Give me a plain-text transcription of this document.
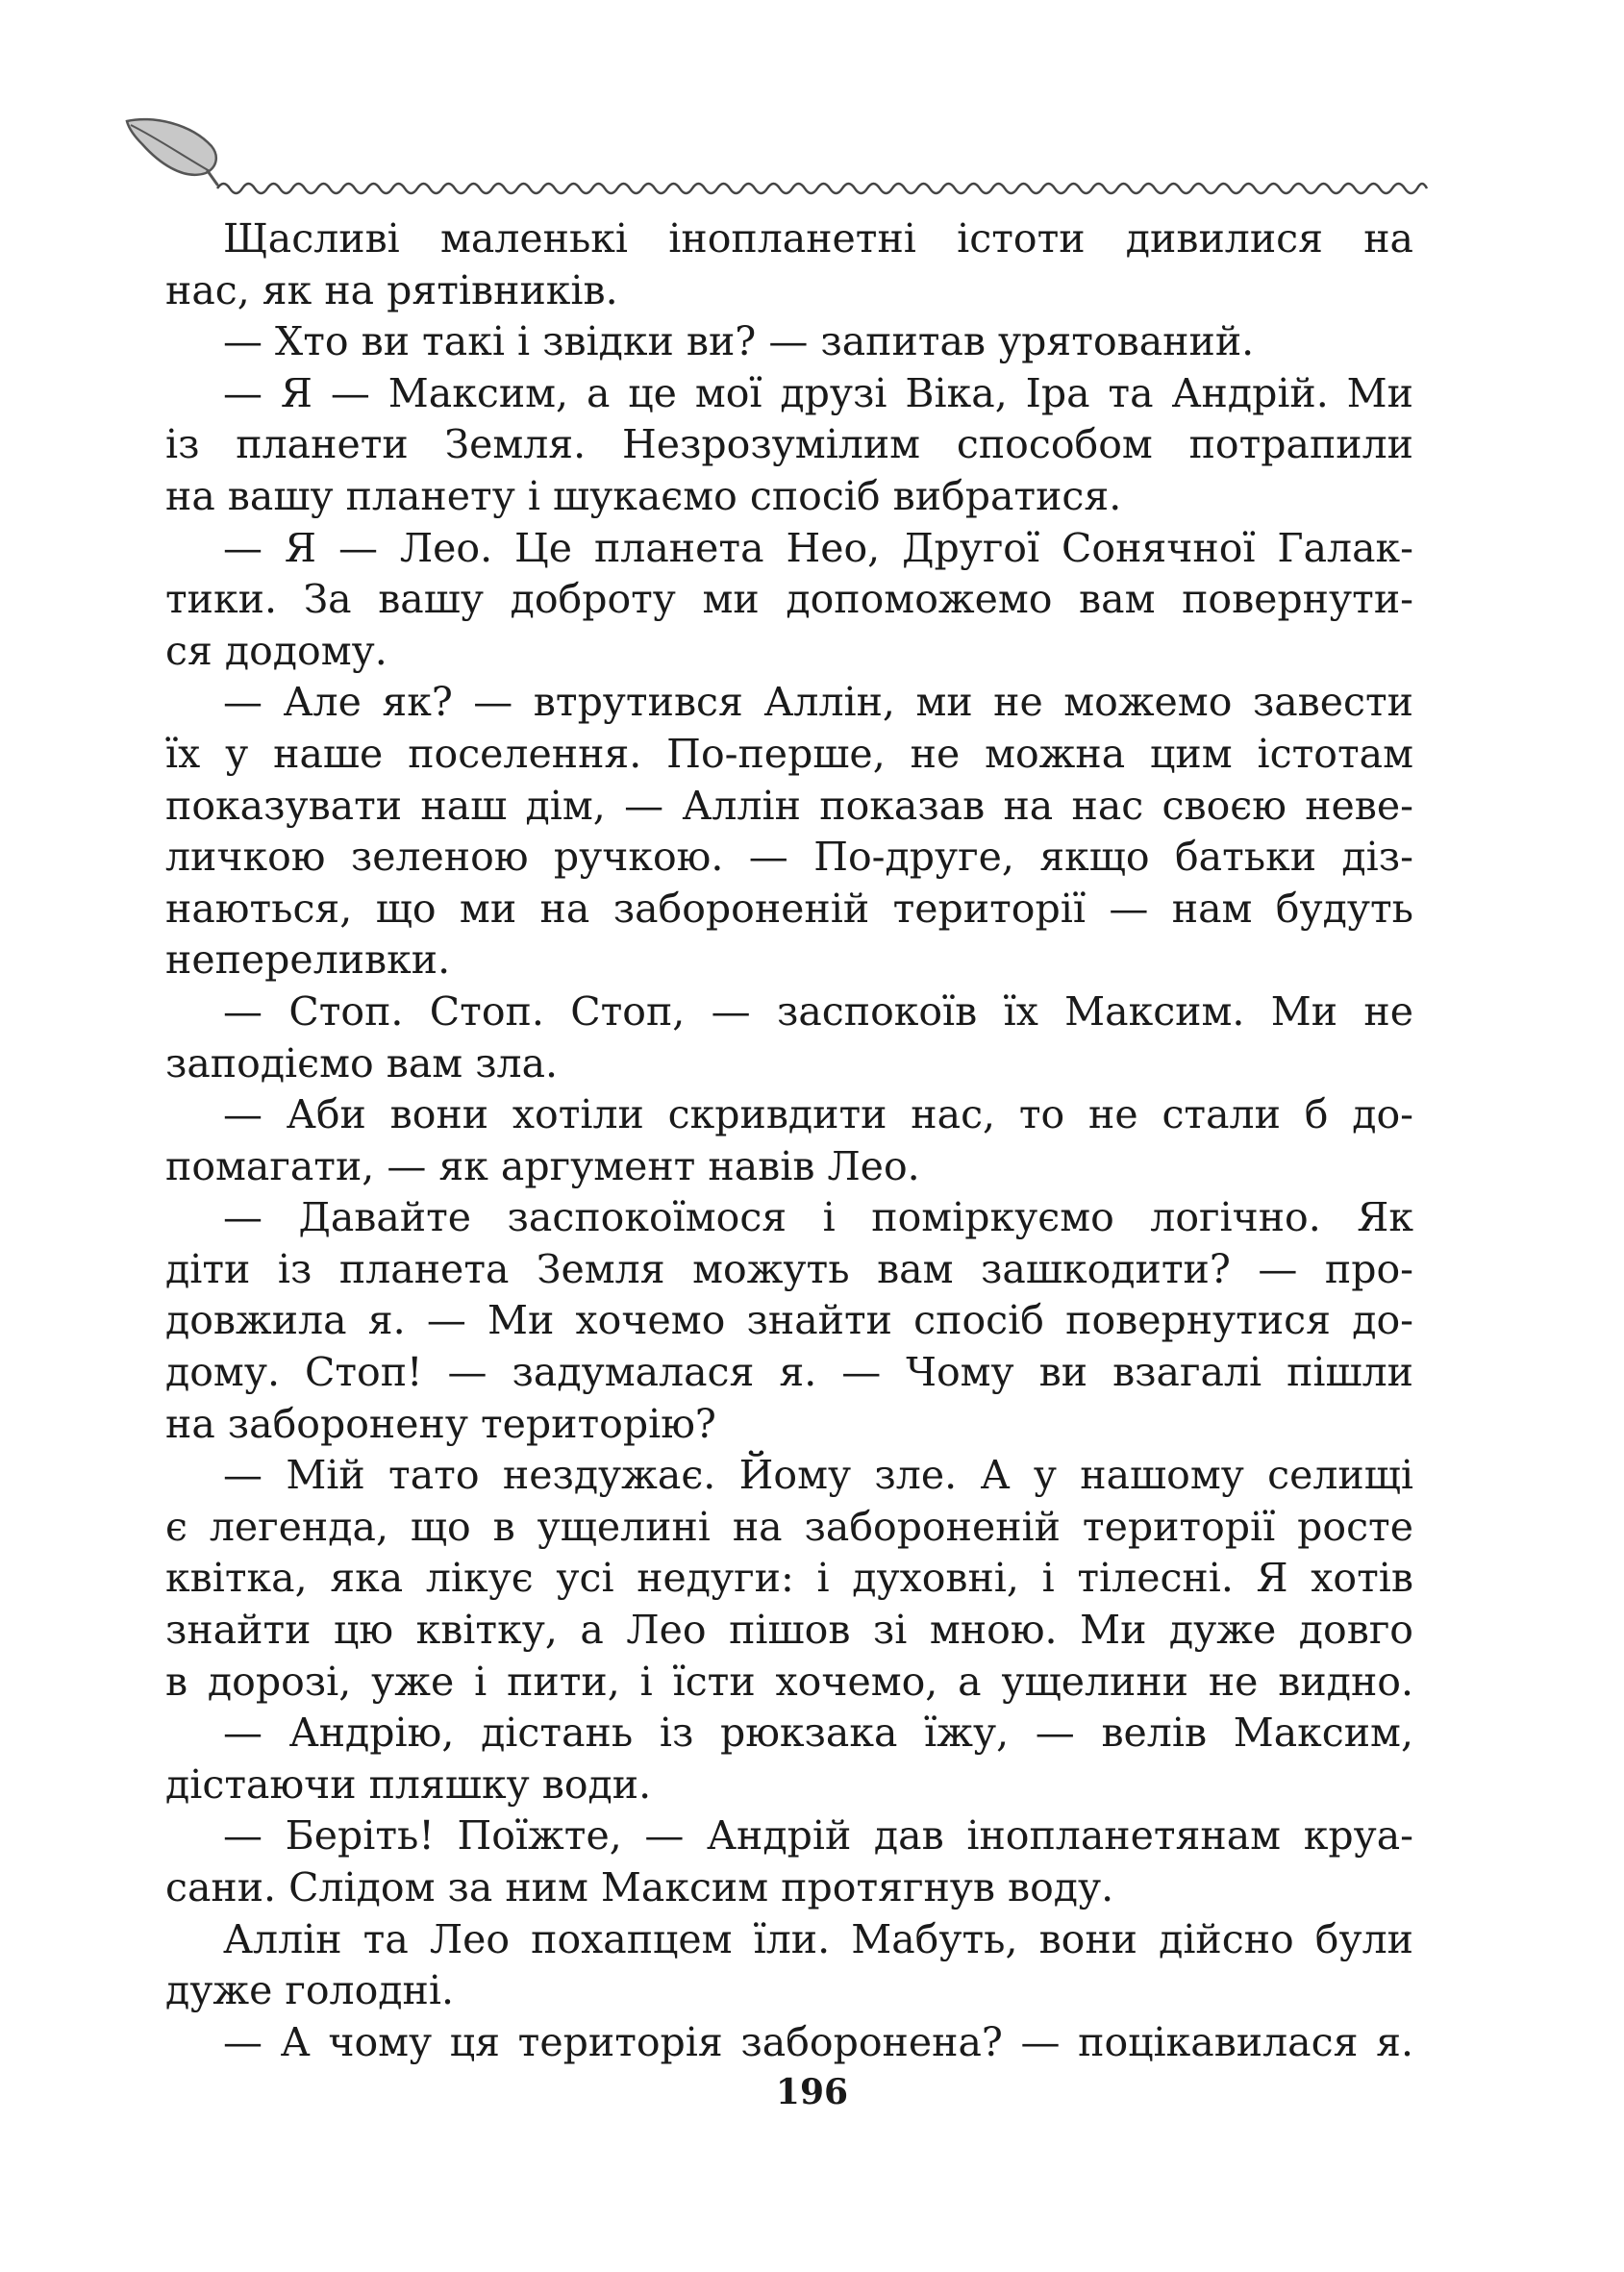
Щасливі маленькі інопланетні істоти дивилися на
нас, як на рятівників.
— Хто ви такі і звідки ви? — запитав урятований.
— Я — Максим, а це мої друзі Віка, Іра та Андрій. Ми
із планети Земля. Незрозумілим способом потрапили
на вашу планету і шукаємо спосіб вибратися.
— Я — Лео. Це планета Нео, Другої Сонячної Галак-
тики. За вашу доброту ми допоможемо вам повернути-
ся додому.
— Але як? — втрутився Аллін, ми не можемо завести
їх у наше поселення. По-перше, не можна цим істотам
показувати наш дім, — Аллін показав на нас своєю неве-
личкою зеленою ручкою. — По-друге, якщо батьки діз-
наються, що ми на забороненій території — нам будуть
непереливки.
— Стоп. Стоп. Стоп, — заспокоїв їх Максим. Ми не
заподіємо вам зла.
— Аби вони хотіли скривдити нас, то не стали б до-
помагати, — як аргумент навів Лео.
— Давайте заспокоїмося і поміркуємо логічно. Як
діти із планета Земля можуть вам зашкодити? — про-
довжила я. — Ми хочемо знайти спосіб повернутися до-
дому. Стоп! — задумалася я. — Чому ви взагалі пішли
на заборонену територію?
— Мій тато нездужає. Йому зле. А у нашому селищі
є легенда, що в ущелині на забороненій території росте
квітка, яка лікує усі недуги: і духовні, і тілесні. Я хотів
знайти цю квітку, а Лео пішов зі мною. Ми дуже довго
в дорозі, уже і пити, і їсти хочемо, а ущелини не видно.
— Андрію, дістань із рюкзака їжу, — велів Максим,
дістаючи пляшку води.
— Беріть! Поїжте, — Андрій дав інопланетянам круа-
сани. Слідом за ним Максим протягнув воду.
Аллін та Лео похапцем їли. Мабуть, вони дійсно були
дуже голодні.
— А чому ця територія заборонена? — поцікавилася я.
196
